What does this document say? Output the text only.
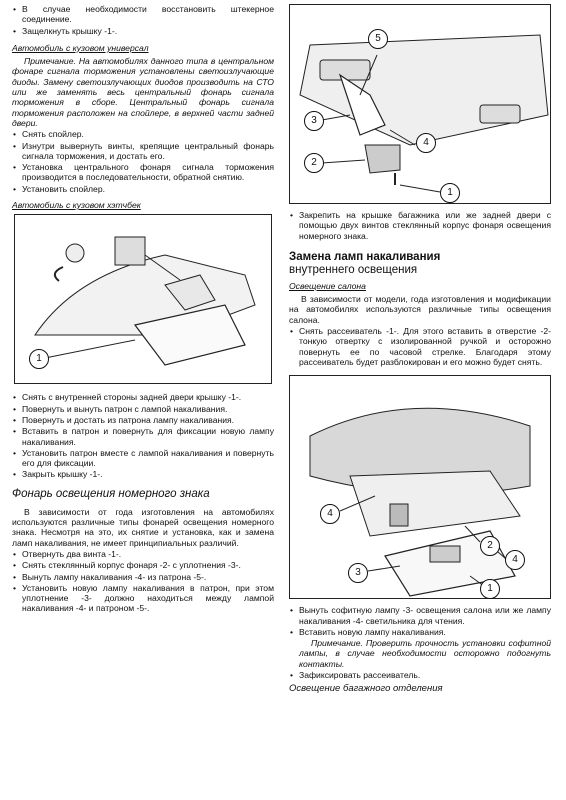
• В случае необходимости восстановить штекерное соединение.

• Защелкнуть крышку -1-.

Автомобиль с кузовом универсал

Примечание. На автомобилях данного типа в центральном фонаре сигнала торможения установлены светоизлучающие диоды. Замену светоизлучающих диодов производить на СТО или же заменять весь центральный фонарь сигнала торможения в сборе. Центральный фонарь сигнала торможения расположен на спойлере, в верхней части задней двери.

• Снять спойлер.

• Изнутри вывернуть винты, крепящие центральный фонарь сигнала торможения, и достать его.

• Установка центрального фонаря сигнала торможения производится в последовательности, обратной снятию.

• Установить спойлер.

Автомобиль с кузовом хэтчбек

1

• Снять с внутренней стороны задней двери крышку -1-.

• Повернуть и вынуть патрон с лампой накаливания.

• Повернуть и достать из патрона лампу накаливания.

• Вставить в патрон и повернуть для фиксации новую лампу накаливания.

• Установить патрон вместе с лампой накаливания и повернуть его для фиксации.

• Закрыть крышку -1-.

Фонарь освещения номерного знака

В зависимости от года изготовления на автомобилях используются различные типы фонарей освещения номерного знака. Несмотря на это, их снятие и установка, как и замена ламп накаливания, не имеет принципиальных различий.

• Отвернуть два винта -1-.

• Снять стеклянный корпус фонаря -2- с уплотнения -3-.

• Вынуть лампу накаливания -4- из патрона -5-.

• Установить новую лампу накаливания в патрон, при этом уплотнение -3- должно находиться между лампой накаливания -4- и патроном -5-.

5
3
4
2
1

• Закрепить на крышке багажника или же задней двери с помощью двух винтов стеклянный корпус фонаря освещения номерного знака.

Замена ламп накаливания

внутреннего освещения

Освещение салона

В зависимости от модели, года изготовления и модификации на автомобилях используются различные типы освещения салона.

• Снять рассеиватель -1-. Для этого вставить в отверстие -2- тонкую отвертку с изолированной ручкой и осторожно повернуть ее по часовой стрелке. Благодаря этому рассеиватель будет разблокирован и его можно будет снять.

4
2
3
1
4

• Вынуть софитную лампу -3- освещения салона или же лампу накаливания -4- светильника для чтения.

• Вставить новую лампу накаливания.

Примечание. Проверить прочность установки софитной лампы, в случае необходимости осторожно подогнуть контакты.

• Зафиксировать рассеиватель.

Освещение багажного отделения
